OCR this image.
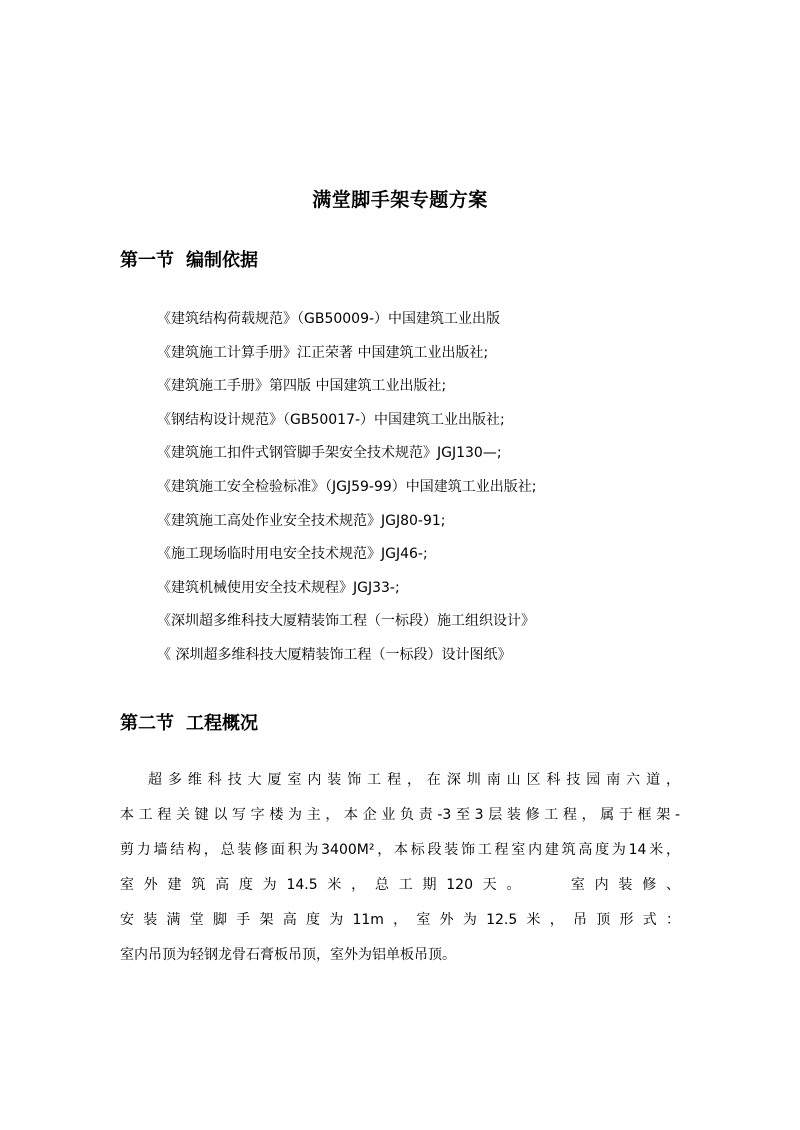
满堂脚手架专题方案
第一节 编制依据
《建筑结构荷载规范》（GB50009-）中国建筑工业出版
《建筑施工计算手册》江正荣著 中国建筑工业出版社;
《建筑施工手册》第四版 中国建筑工业出版社;
《钢结构设计规范》（GB50017-）中国建筑工业出版社;
《建筑施工扣件式钢管脚手架安全技术规范》JGJ130—;
《建筑施工安全检验标准》（JGJ59-99）中国建筑工业出版社;
《建筑施工高处作业安全技术规范》JGJ80-91;
《施工现场临时用电安全技术规范》JGJ46-;
《建筑机械使用安全技术规程》JGJ33-;
《深圳超多维科技大厦精装饰工程（一标段）施工组织设计》
《 深圳超多维科技大厦精装饰工程（一标段）设计图纸》
第二节 工程概况
超多维科技大厦室内装饰工程，在深圳南山区科技园南六道，
本工程关键以写字楼为主，本企业负责-3至3层装修工程，属于框架-
剪力墙结构，总装修面积为3400M²，本标段装饰工程室内建筑高度为14米，
室外建筑高度为14.5米，总工期120天。　　室内装修、
安装满堂脚手架高度为11m，室外为12.5米，吊顶形式：
室内吊顶为轻钢龙骨石膏板吊顶，室外为铝单板吊顶。
